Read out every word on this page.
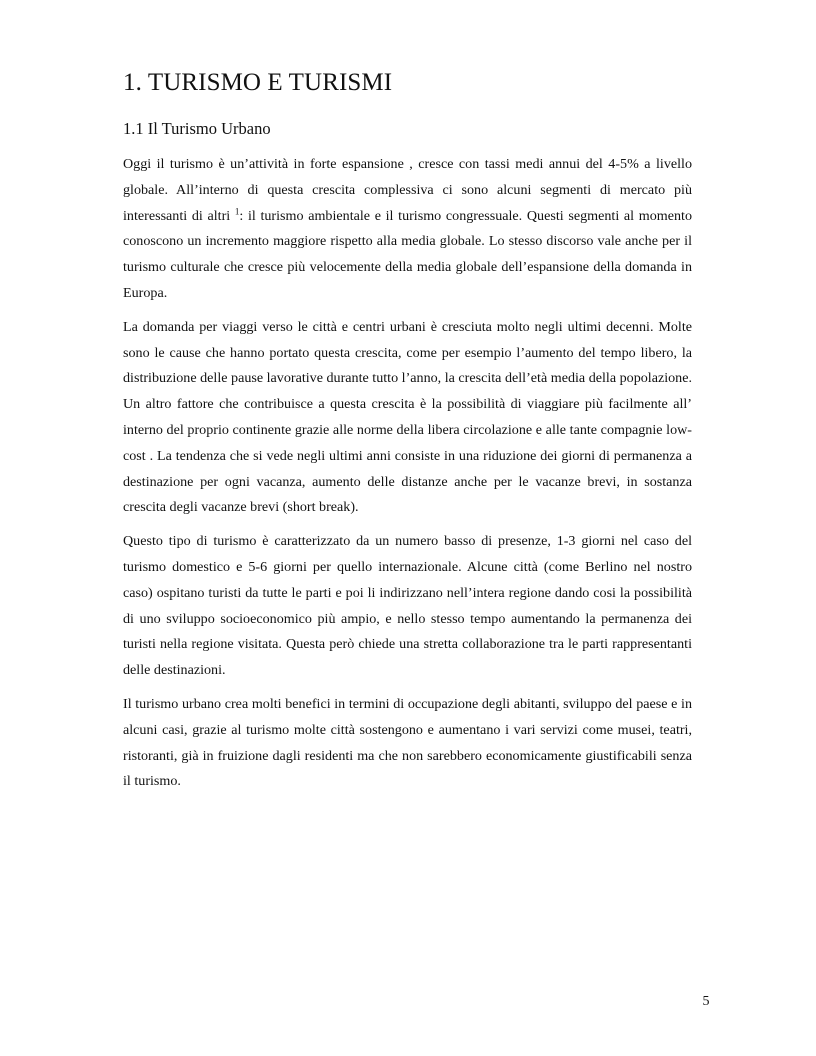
1. TURISMO E TURISMI
1.1 Il Turismo Urbano

Oggi il turismo è un’attività in forte espansione , cresce con tassi medi annui del 4-5% a livello globale. All’interno di questa crescita complessiva ci sono alcuni segmenti di mercato più interessanti di altri $^1$: il turismo ambientale e il turismo congressuale. Questi segmenti al momento conoscono un incremento maggiore rispetto alla media globale. Lo stesso discorso vale anche per il turismo culturale che cresce più velocemente della media globale dell’espansione della domanda in Europa.

La domanda per viaggi verso le città e centri urbani è cresciuta molto negli ultimi decenni. Molte sono le cause che hanno portato questa crescita, come per esempio l’aumento del tempo libero, la distribuzione delle pause lavorative durante tutto l’anno, la crescita dell’età media della popolazione. Un altro fattore che contribuisce a questa crescita è la possibilità di viaggiare più facilmente all’ interno del proprio continente grazie alle norme della libera circolazione e alle tante compagnie low-cost . La tendenza che si vede negli ultimi anni consiste in una riduzione dei giorni di permanenza a destinazione per ogni vacanza, aumento delle distanze anche per le vacanze brevi, in sostanza crescita degli vacanze brevi (short break).

Questo tipo di turismo è caratterizzato da un numero basso di presenze, 1-3 giorni nel caso del turismo domestico e 5-6 giorni per quello internazionale. Alcune città (come Berlino nel nostro caso) ospitano turisti da tutte le parti e poi li indirizzano nell’intera regione dando cosi la possibilità di uno sviluppo socioeconomico più ampio, e nello stesso tempo aumentando la permanenza dei turisti nella regione visitata. Questa però chiede una stretta collaborazione tra le parti rappresentanti delle destinazioni.

Il turismo urbano crea molti benefici in termini di occupazione degli abitanti, sviluppo del paese e in alcuni casi, grazie al turismo molte città sostengono e aumentano i vari servizi come musei, teatri, ristoranti, già in fruizione dagli residenti ma che non sarebbero economicamente giustificabili senza il turismo.

5
